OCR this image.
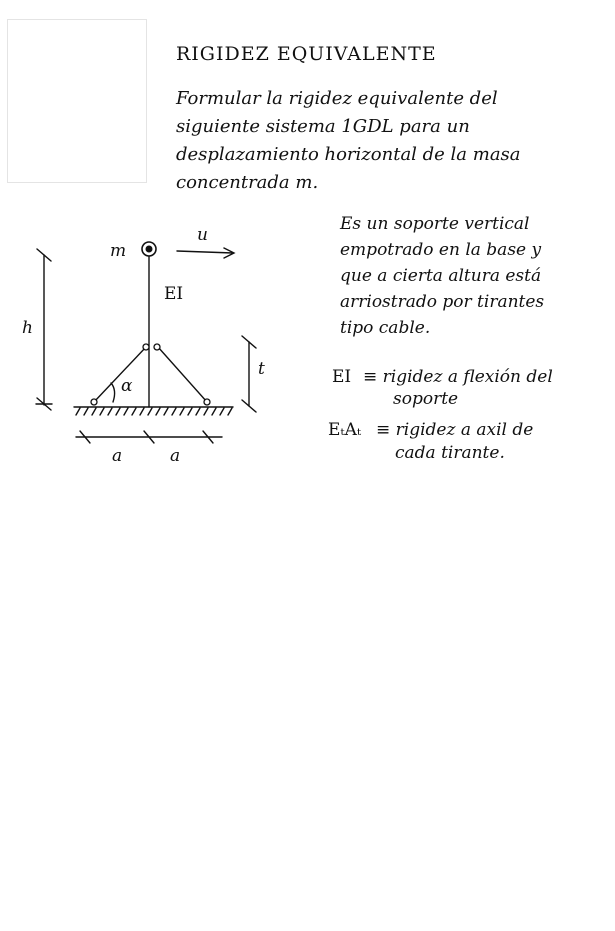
RIGIDEZ EQUIVALENTE
Formular la rigidez equivalente del
siguiente sistema 1GDL para un
desplazamiento horizontal de la masa
concentrada m.
Es un soporte vertical
empotrado en la base y
que a cierta altura está
arriostrado por tirantes
tipo cable.
EI ≡ rigidez a flexión del
soporte
EₜAₜ ≡ rigidez a axil de
cada tirante.
m
u
EI
h
t
α
a	a
